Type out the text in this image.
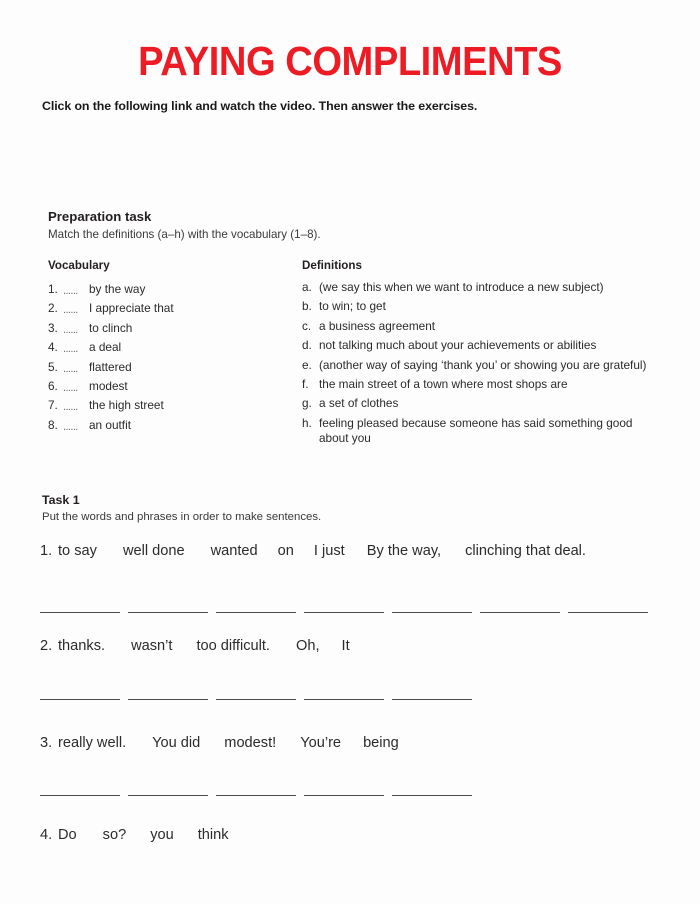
PAYING COMPLIMENTS
Click on the following link and watch the video. Then answer the exercises.
Preparation task
Match the definitions (a–h) with the vocabulary (1–8).
Vocabulary	Definitions
1. ...... by the way
2. ...... I appreciate that
3. ...... to clinch
4. ...... a deal
5. ...... flattered
6. ...... modest
7. ...... the high street
8. ...... an outfit
a. (we say this when we want to introduce a new subject)
b. to win; to get
c. a business agreement
d. not talking much about your achievements or abilities
e. (another way of saying ‘thank you’ or showing you are grateful)
f. the main street of a town where most shops are
g. a set of clothes
h. feeling pleased because someone has said something good about you
Task 1
Put the words and phrases in order to make sentences.
1. to say well done wanted on I just By the way, clinching that deal.
2. thanks. wasn’t too difficult. Oh, It
3. really well. You did modest! You’re being
4. Do so? you think
